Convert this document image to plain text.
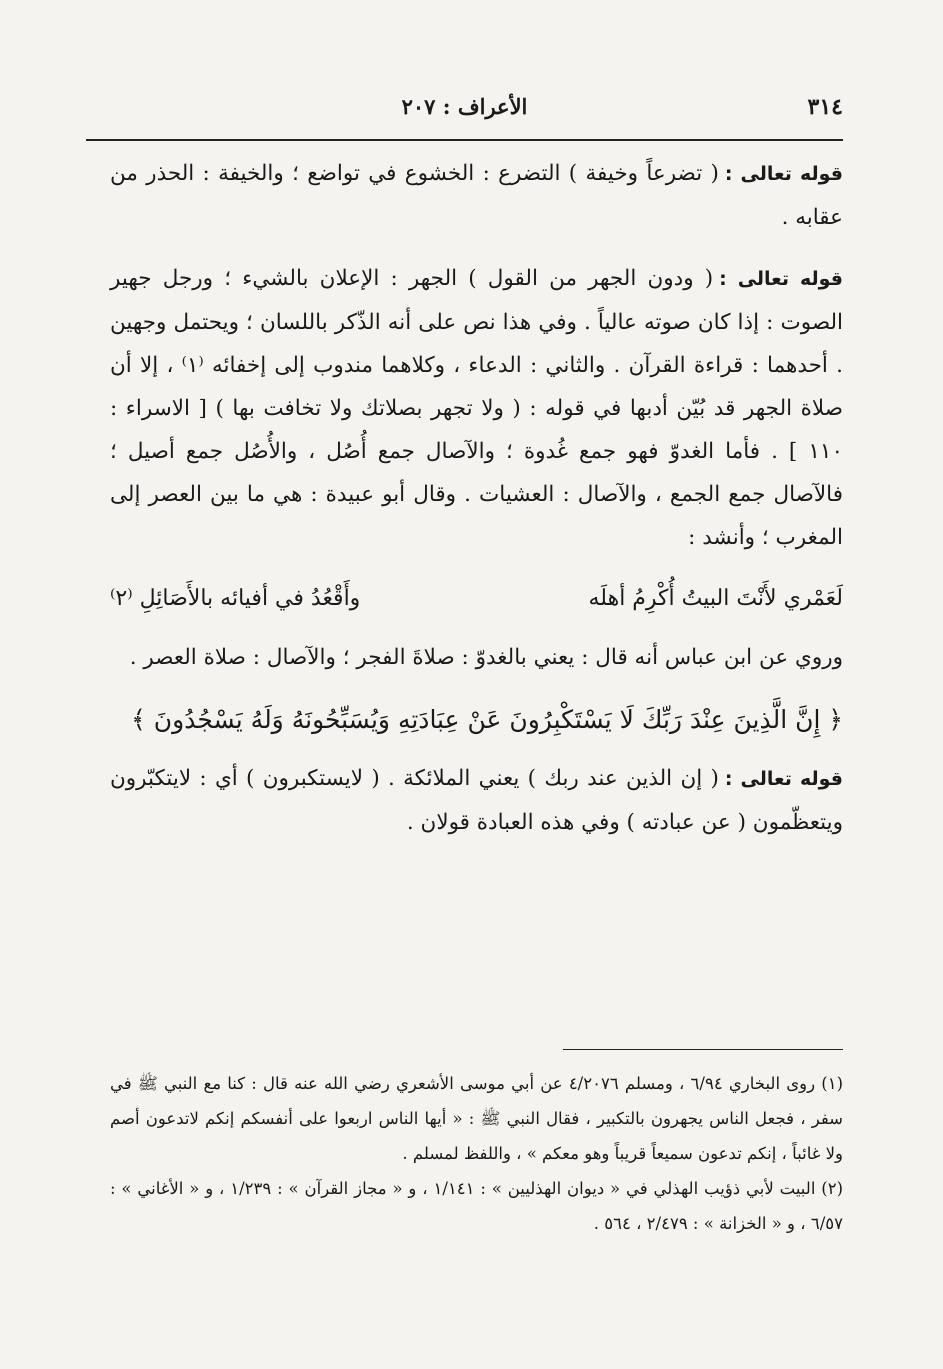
٣١٤
الأعراف : ٢٠٧

قوله تعالى :( تضرعاً وخيفة ) التضرع : الخشوع في تواضع ؛ والخيفة : الحذر من عقابه .

قوله تعالى :( ودون الجهر من القول ) الجهر : الإعلان بالشيء ؛ ورجل جهير الصوت : إذا كان صوته عالياً . وفي هذا نص على أنه الذّكر باللسان ؛ ويحتمل وجهين . أحدهما : قراءة القرآن . والثاني : الدعاء ، وكلاهما مندوب إلى إخفائه ⁽١⁾ ، إلا أن صلاة الجهر قد بُيّن أدبها في قوله : ( ولا تجهر بصلاتك ولا تخافت بها ) [ الاسراء : ١١٠ ] . فأما الغدوّ فهو جمع غُدوة ؛ والآصال جمع أُصُل ، والأُصُل جمع أصيل ؛ فالآصال جمع الجمع ، والآصال : العشيات . وقال أبو عبيدة : هي ما بين العصر إلى المغرب ؛ وأنشد :

لَعَمْري لأَنْتَ البيتُ أُكْرِمُ أهلَه
وأَقْعُدُ في أفيائه بالأَصَائِلِ ⁽٢⁾

وروي عن ابن عباس أنه قال : يعني بالغدوّ : صلاةَ الفجر ؛ والآصال : صلاة العصر .

﴿ إِنَّ الَّذِينَ عِنْدَ رَبِّكَ لَا يَسْتَكْبِرُونَ عَنْ عِبَادَتِهِ وَيُسَبِّحُونَهُ وَلَهُ يَسْجُدُونَ ﴾

قوله تعالى :( إن الذين عند ربك ) يعني الملائكة . ( لايستكبرون ) أي : لايتكبّرون ويتعظّمون ( عن عبادته ) وفي هذه العبادة قولان .

(١) روى البخاري ٦/٩٤ ، ومسلم ٤/٢٠٧٦ عن أبي موسى الأشعري رضي الله عنه قال : كنا مع النبي ﷺ في سفر ، فجعل الناس يجهرون بالتكبير ، فقال النبي ﷺ : « أيها الناس اربعوا على أنفسكم إنكم لاتدعون أصم ولا غائباً ، إنكم تدعون سميعاً قريباً وهو معكم » ، واللفظ لمسلم .

(٢) البيت لأبي ذؤيب الهذلي في « ديوان الهذليين » : ١/١٤١ ، و « مجاز القرآن » : ١/٢٣٩ ، و « الأغاني » : ٦/٥٧ ، و « الخزانة » : ٢/٤٧٩ ، ٥٦٤ .
